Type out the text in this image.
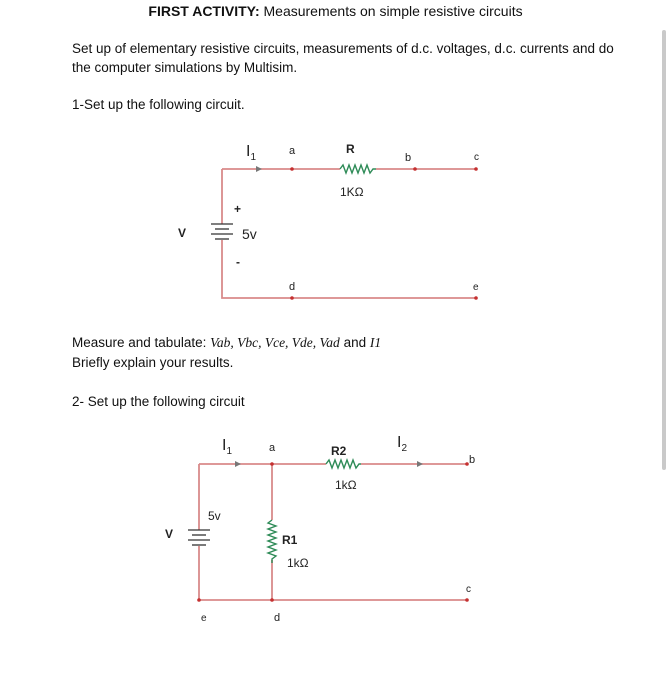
FIRST ACTIVITY: Measurements on simple resistive circuits
Set up of elementary resistive circuits, measurements of d.c. voltages, d.c. currents and do the computer simulations by Multisim.
1-Set up the following circuit.
$I_1$
a	R
1KΩ
b	c
+
V	5v
-
d	e
Measure and tabulate: Vab, Vbc, Vce, Vde, Vad and I1
Briefly explain your results.
2- Set up the following circuit
$I_1$
$I_2$
a	R2
1kΩ
b
5v
V	R1
1kΩ
c
e	d
